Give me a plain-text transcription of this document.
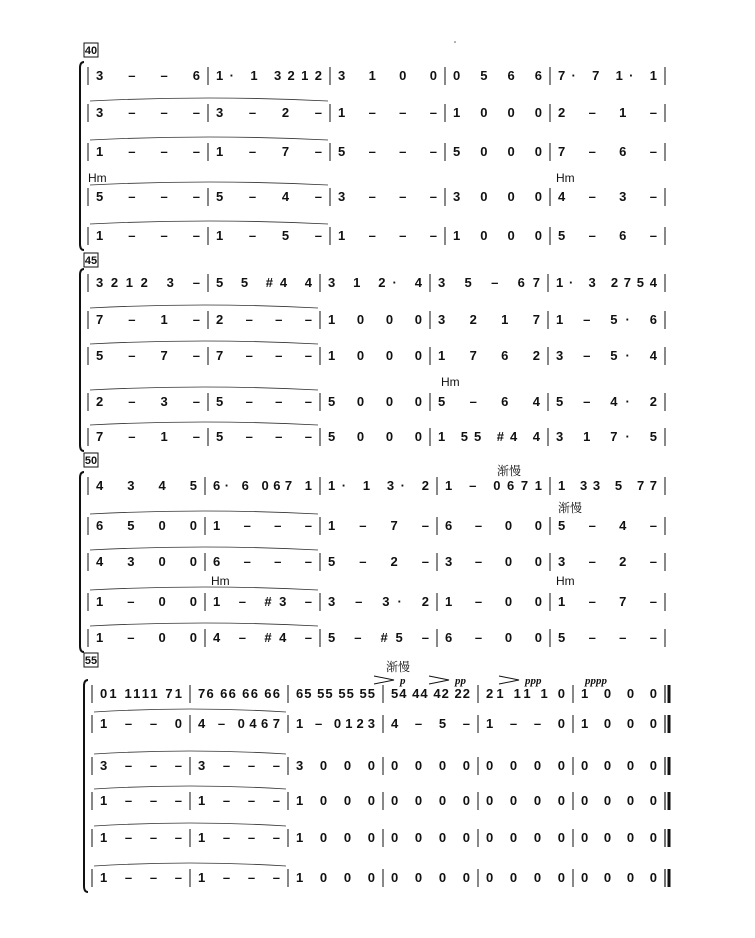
40
3 – – 6 1· 1 3212 3 1 0 0 0 5 6 6 7· 7 1· 1
3 – – – 3 – 2 – 1 – – – 1 0 0 0 2 – 1 –
1 – – – 1 – 7 – 5 – – – 5 0 0 0 7 – 6 –
5 – – – 5 – 4 – 3 – – – 3 0 0 0 4 – 3 –
1 – – – 1 – 5 – 1 – – – 1 0 0 0 5 – 6 –
Hm	Hm
45
3212 3 – 5 5 #4 4 3 1 2· 4 3 5 – 67 1· 3 2754
7 – 1 – 2 – – – 1 0 0 0 3 2 1 7 1 – 5· 6
5 – 7 – 7 – – – 1 0 0 0 1 7 6 2 3 – 5· 4
2 – 3 – 5 – – – 5 0 0 0 5 – 6 4 5 – 4· 2
7 – 1 – 5 – – – 5 0 0 0 1 55 #4 4 3 1 7· 5
Hm
50
4 3 4 5 6· 6 067 1 1· 1 3· 2 1 – 0671 1 33 5 77
6 5 0 0 1 – – – 1 – 7 – 6 – 0 0 5 – 4 –
4 3 0 0 6 – – – 5 – 2 – 3 – 0 0 3 – 2 –
1 – 0 0 1 – #3 – 3 – 3· 2 1 – 0 0 1 – 7 –
1 – 0 0 4 – #4 – 5 – #5 – 6 – 0 0 5 – – –
Hm	Hm
渐慢
渐慢
55
01 1111 71 76 66 66 66 65 55 55 55 54 44 42 22 21 11 1 0 1 0 0 0
1 – – 0 4 – 0467 1 – 0123 4 – 5 – 1 – – 0 1 0 0 0
3 – – – 3 – – – 3 0 0 0 0 0 0 0 0 0 0 0 0 0 0 0
1 – – – 1 – – – 1 0 0 0 0 0 0 0 0 0 0 0 0 0 0 0
1 – – – 1 – – – 1 0 0 0 0 0 0 0 0 0 0 0 0 0 0 0
1 – – – 1 – – – 1 0 0 0 0 0 0 0 0 0 0 0 0 0 0 0
渐慢
p	pp	ppp	pppp
